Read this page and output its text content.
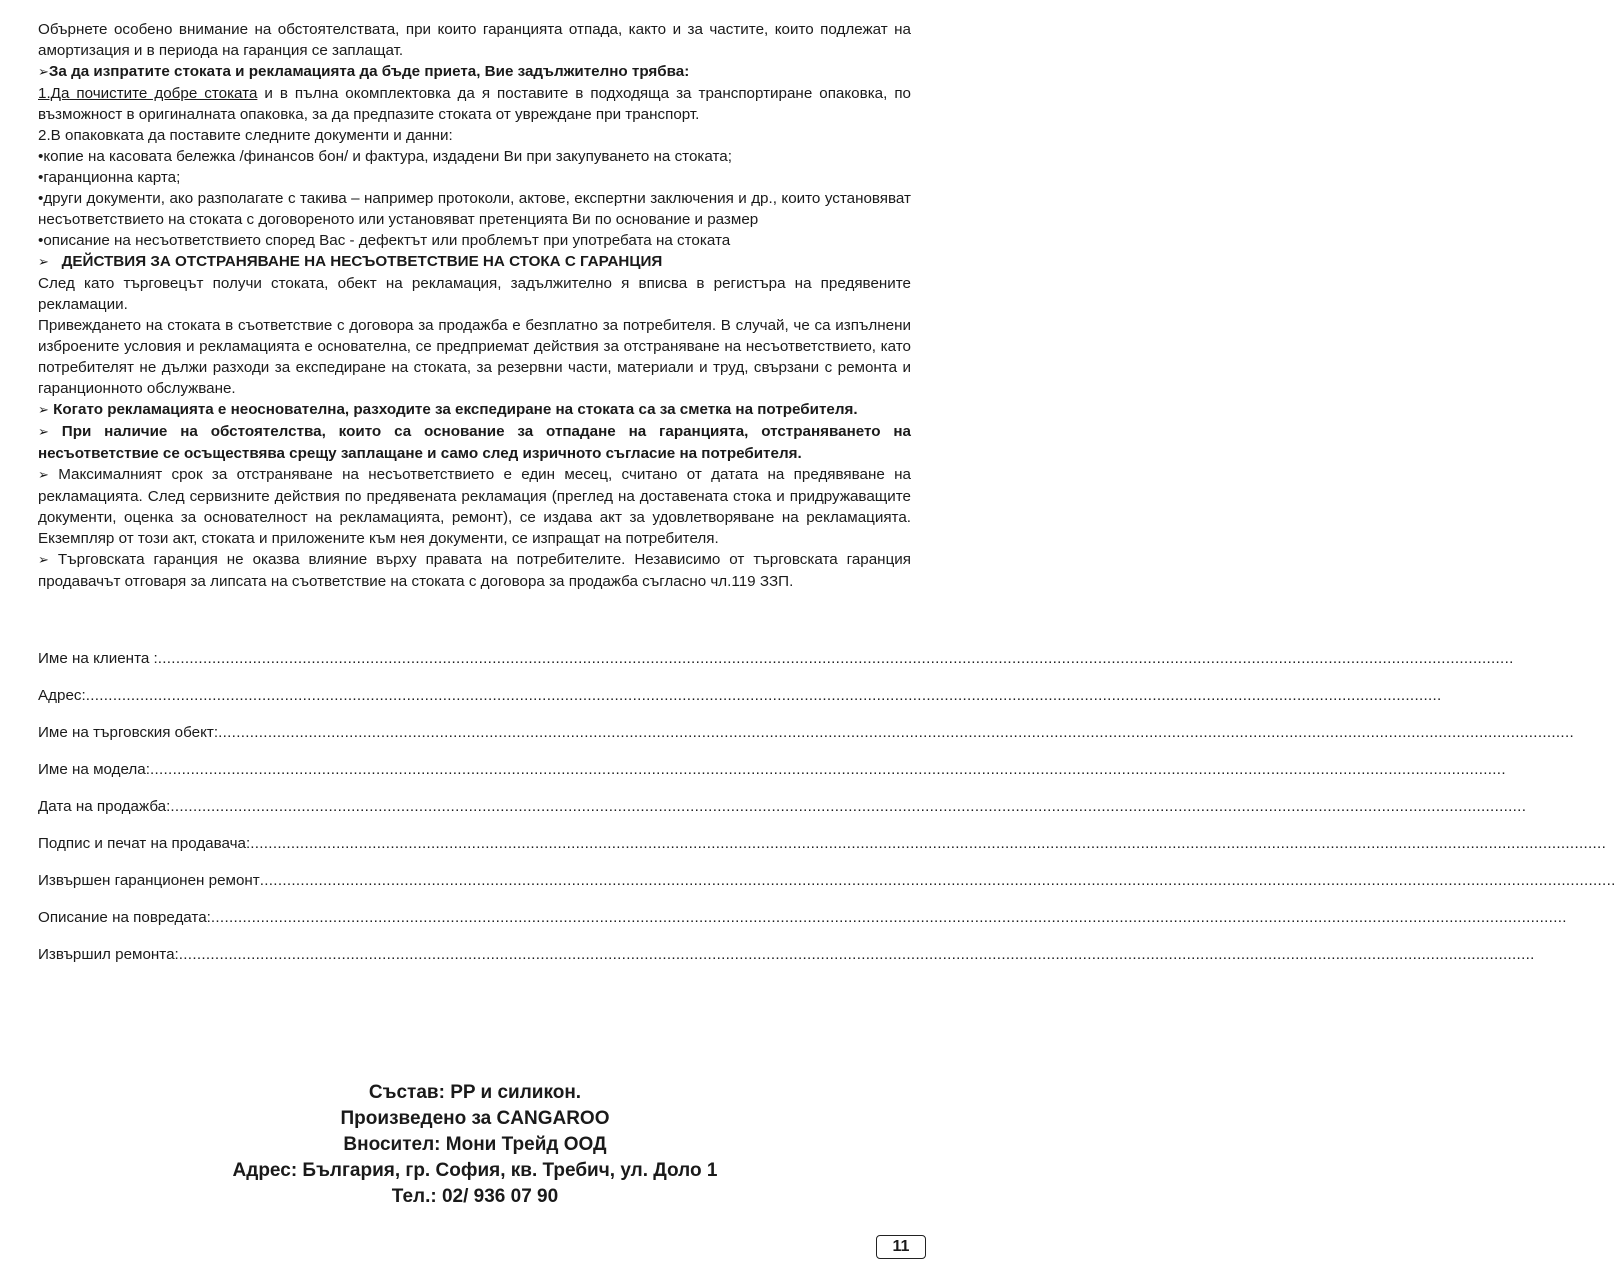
Обърнете особено внимание на обстоятелствата, при които гаранцията отпада, както и за частите, които подлежат на амортизация и в периода на гаранция се заплащат.

➢За да изпратите стоката и рекламацията да бъде приета, Вие задължително трябва:

1.Да почистите добре стоката и в пълна окомплектовка да я поставите в подходяща за транспортиране опаковка, по възможност в оригиналната опаковка, за да предпазите стоката от увреждане при транспорт.

2.В опаковката да поставите следните документи и данни:

•копие на касовата бележка /финансов бон/ и фактура, издадени Ви при закупуването на стоката;

•гаранционна карта;

•други документи, ако разполагате с такива – например протоколи, актове, експертни заключения и др., които установяват несъответствието на стоката с договореното или установяват претенцията Ви по основание и размер

•описание на несъответствието според Вас - дефектът или проблемът при употребата на стоката

➢ ДЕЙСТВИЯ ЗА ОТСТРАНЯВАНЕ НА НЕСЪОТВЕТСТВИЕ НА СТОКА С ГАРАНЦИЯ

След като търговецът получи стоката, обект на рекламация, задължително я вписва в регистъра на предявените рекламации.

Привеждането на стоката в съответствие с договора за продажба е безплатно за потребителя. В случай, че са изпълнени изброените условия и рекламацията е основателна, се предприемат действия за отстраняване на несъответствието, като потребителят не дължи разходи за експедиране на стоката, за резервни части, материали и труд, свързани с ремонта и гаранционното обслужване.

➢ Когато рекламацията е неоснователна, разходите за експедиране на стоката са за сметка на потребителя.

➢ При наличие на обстоятелства, които са основание за отпадане на гаранцията, отстраняването на несъответствие се осъществява срещу заплащане и само след изричното съгласие на потребителя.

➢ Максималният срок за отстраняване на несъответствието е един месец, считано от датата на предявяване на рекламацията. След сервизните действия по предявената рекламация (преглед на доставената стока и придружаващите документи, оценка за основателност на рекламацията, ремонт), се издава акт за удовлетворяване на рекламацията. Екземпляр от този акт, стоката и приложените към нея документи, се изпращат на потребителя.

➢ Търговската гаранция не оказва влияние върху правата на потребителите. Независимо от търговската гаранция продавачът отговаря за липсата на съответствие на стоката с договора за продажба съгласно чл.119 ЗЗП.

Име на клиента : ............................................................................................................................................................................................................................................................................................................
Адрес: ............................................................................................................................................................................................................................................................................................................
Име на търговския обект: ............................................................................................................................................................................................................................................................................................................
Име на модела: ............................................................................................................................................................................................................................................................................................................
Дата на продажба: ............................................................................................................................................................................................................................................................................................................
Подпис и печат на продавача: ............................................................................................................................................................................................................................................................................................................
Извършен гаранционен ремонт ............................................................................................................................................................................................................................................................................................................
Описание на повредата: ............................................................................................................................................................................................................................................................................................................
Извършил ремонта: ............................................................................................................................................................................................................................................................................................................
Състав: PP и силикон.
Произведено за CANGAROO
Вносител: Мони Трейд ООД
Адрес: България, гр. София, кв. Требич, ул. Доло 1
Тел.: 02/ 936 07 90
11
